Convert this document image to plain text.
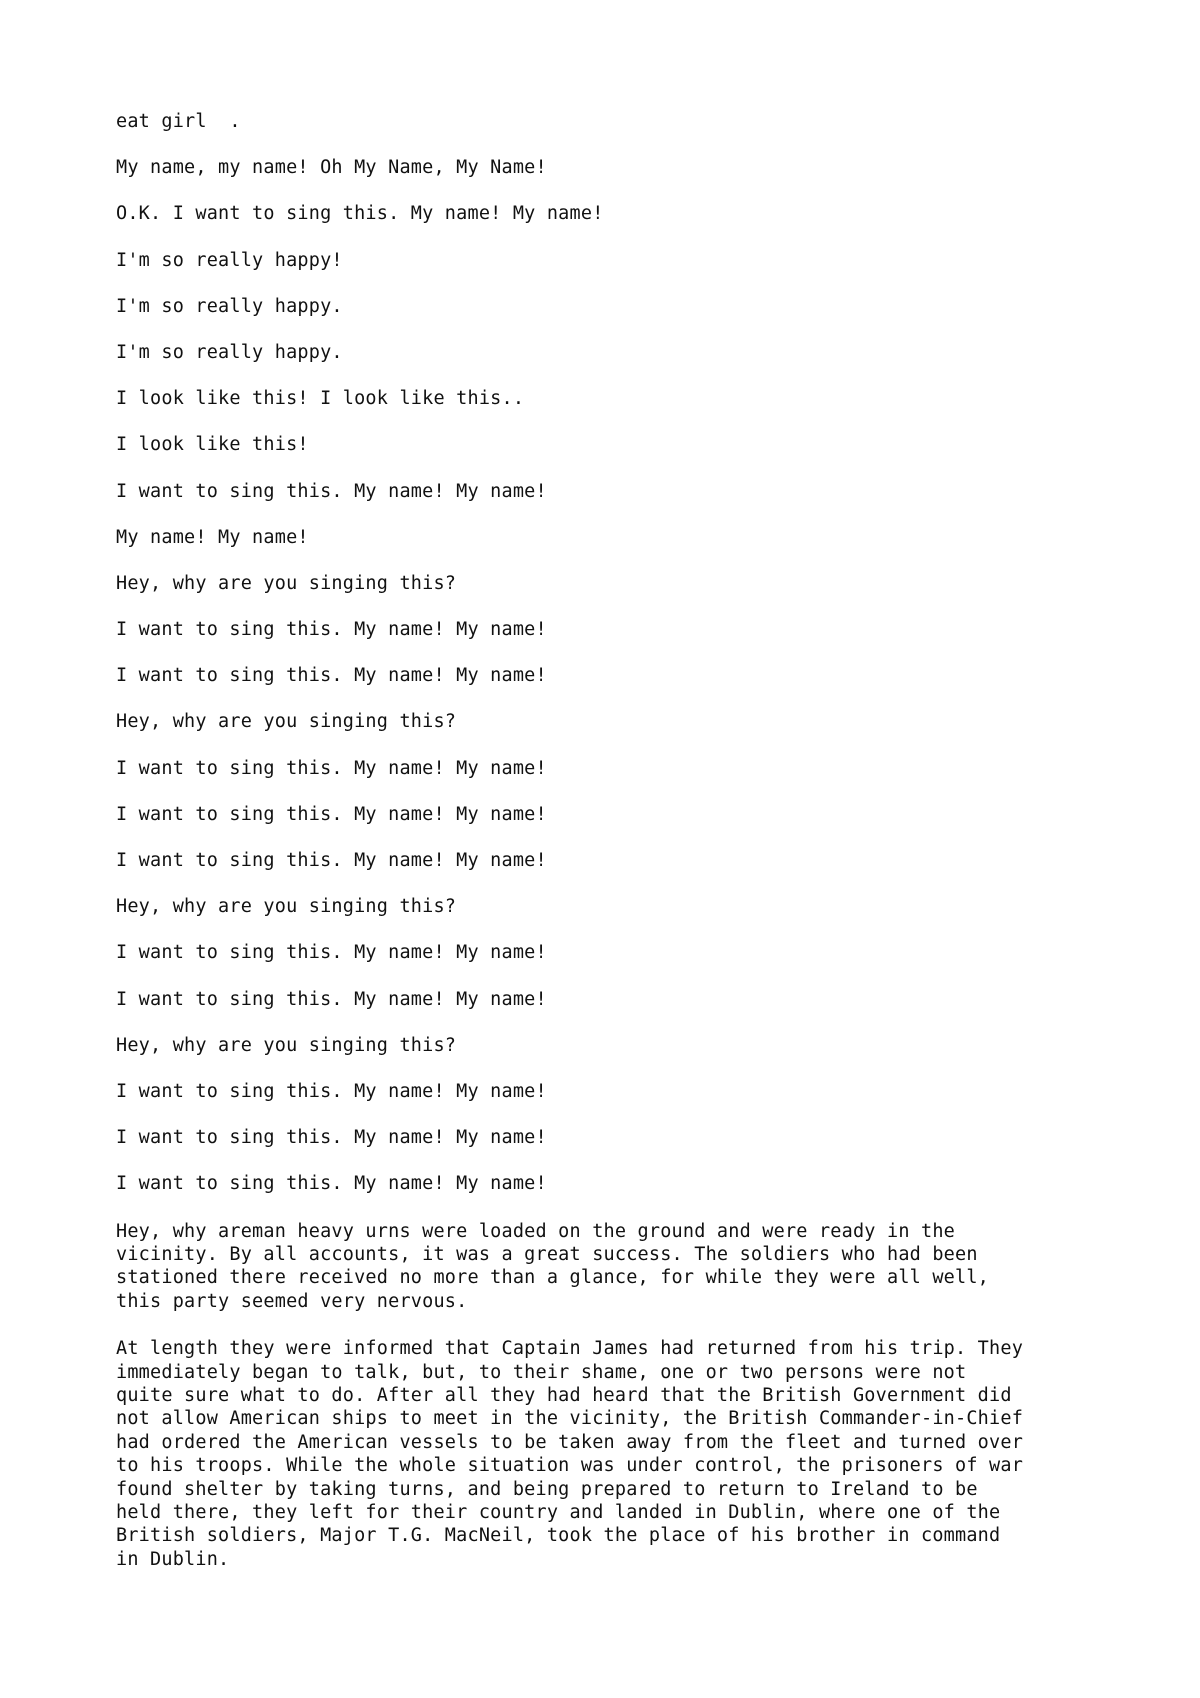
eat girl  .
My name, my name! Oh My Name, My Name!
O.K. I want to sing this. My name! My name!
I'm so really happy!
I'm so really happy.
I'm so really happy.
I look like this! I look like this..
I look like this!
I want to sing this. My name! My name!
My name! My name!
Hey, why are you singing this?
I want to sing this. My name! My name!
I want to sing this. My name! My name!
Hey, why are you singing this?
I want to sing this. My name! My name!
I want to sing this. My name! My name!
I want to sing this. My name! My name!
Hey, why are you singing this?
I want to sing this. My name! My name!
I want to sing this. My name! My name!
Hey, why are you singing this?
I want to sing this. My name! My name!
I want to sing this. My name! My name!
I want to sing this. My name! My name!
Hey, why areman heavy urns were loaded on the ground and were ready in the
vicinity. By all accounts, it was a great success. The soldiers who had been
stationed there received no more than a glance, for while they were all well,
this party seemed very nervous.
At length they were informed that Captain James had returned from his trip. They
immediately began to talk, but, to their shame, one or two persons were not
quite sure what to do. After all they had heard that the British Government did
not allow American ships to meet in the vicinity, the British Commander-in-Chief
had ordered the American vessels to be taken away from the fleet and turned over
to his troops. While the whole situation was under control, the prisoners of war
found shelter by taking turns, and being prepared to return to Ireland to be
held there, they left for their country and landed in Dublin, where one of the
British soldiers, Major T.G. MacNeil, took the place of his brother in command
in Dublin.
